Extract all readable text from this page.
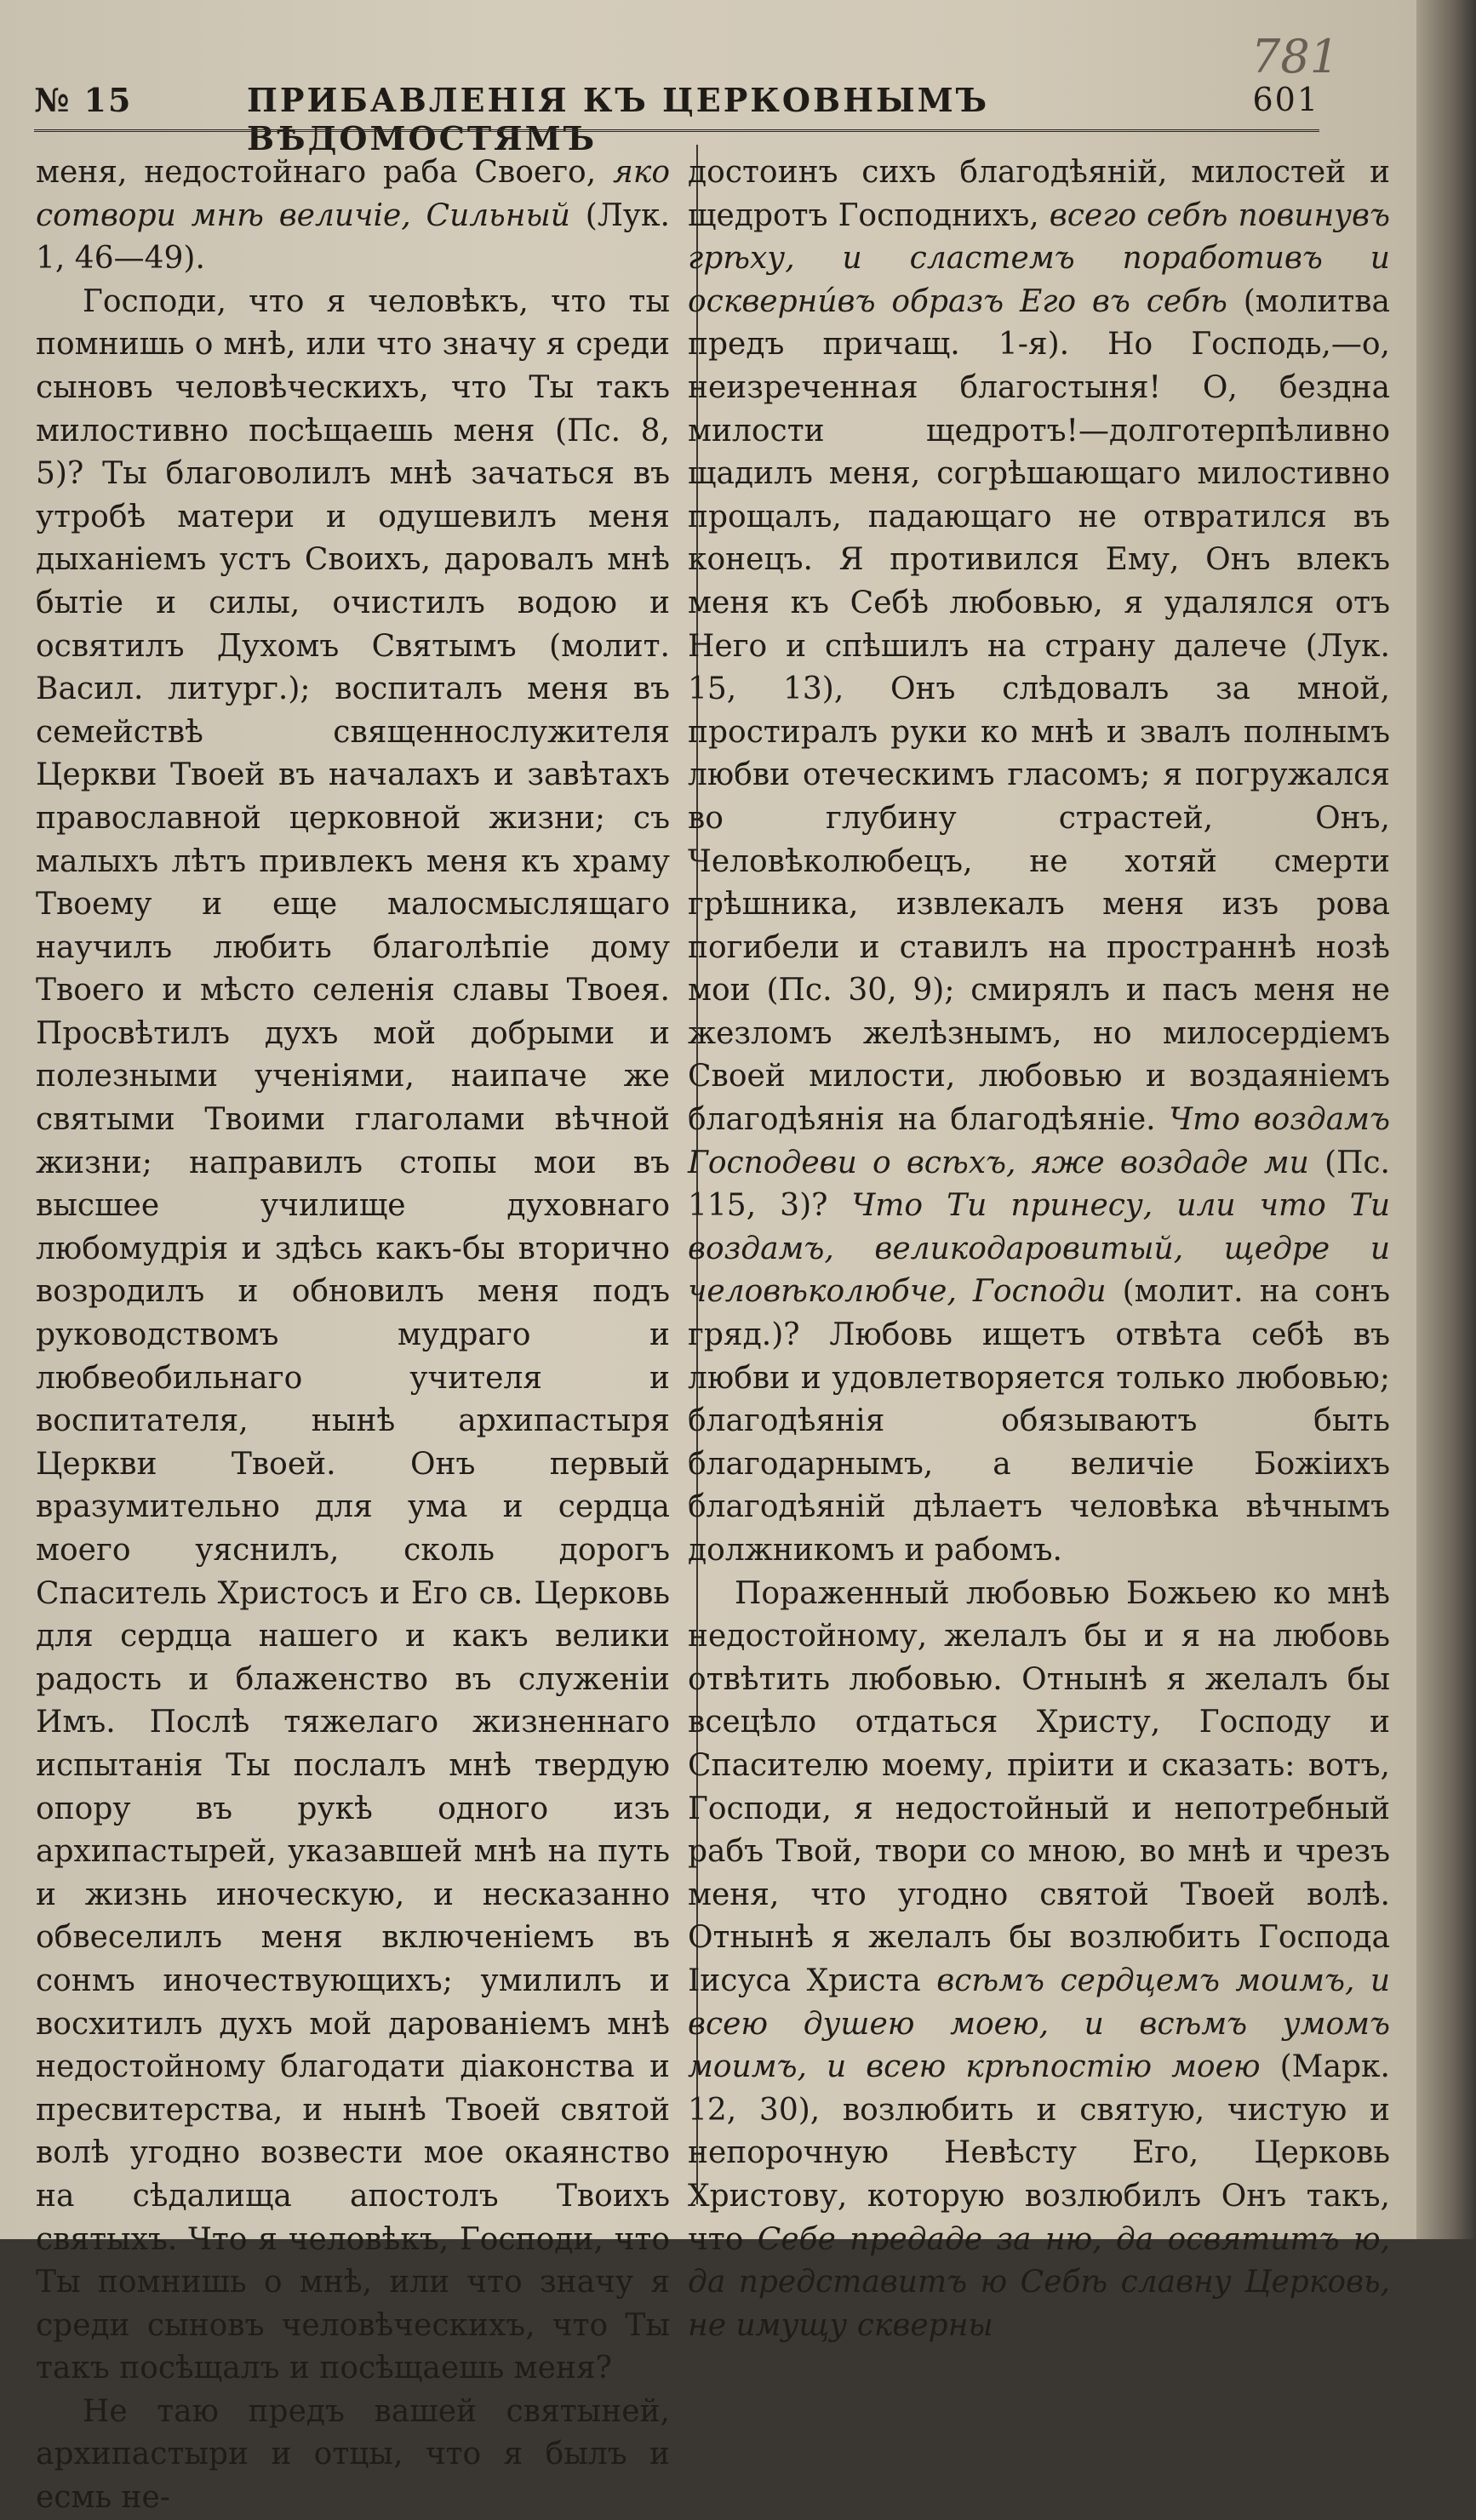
№ 15	ПРИБАВЛЕНІЯ КЪ ЦЕРКОВНЫМЪ ВѢДОМОСТЯМЪ
601
781

меня, недостойнаго раба Своего, яко сотвори мнѣ величіе, Сильный (Лук. 1, 46—49).

Господи, что я человѣкъ, что ты помнишь о мнѣ, или что значу я среди сыновъ человѣческихъ, что Ты такъ милостивно посѣщаешь меня (Пс. 8, 5)? Ты благоволилъ мнѣ зачаться въ утробѣ матери и одушевилъ меня дыханіемъ устъ Своихъ, даровалъ мнѣ бытіе и силы, очистилъ водою и освятилъ Духомъ Святымъ (молит. Васил. литург.); воспиталъ меня въ семействѣ священнослужителя Церкви Твоей въ началахъ и завѣтахъ православной церковной жизни; съ малыхъ лѣтъ привлекъ меня къ храму Твоему и еще малосмыслящаго научилъ любить благолѣпіе дому Твоего и мѣсто селенія славы Твоея. Просвѣтилъ духъ мой добрыми и полезными ученіями, наипаче же святыми Твоими глаголами вѣчной жизни; направилъ стопы мои въ высшее училище духовнаго любомудрія и здѣсь какъ-бы вторично возродилъ и обновилъ меня подъ руководствомъ мудраго и любвеобильнаго учителя и воспитателя, нынѣ архипастыря Церкви Твоей. Онъ первый вразумительно для ума и сердца моего уяснилъ, сколь дорогъ Спаситель Христосъ и Его св. Церковь для сердца нашего и какъ велики радость и блаженство въ служеніи Имъ. Послѣ тяжелаго жизненнаго испытанія Ты послалъ мнѣ твердую опору въ рукѣ одного изъ архипастырей, указавшей мнѣ на путь и жизнь иноческую, и несказанно обвеселилъ меня включеніемъ въ сонмъ иночествующихъ; умилилъ и восхитилъ духъ мой дарованіемъ мнѣ недостойному благодати діаконства и пресвитерства, и нынѣ Твоей святой волѣ угодно возвести мое окаянство на сѣдалища апостолъ Твоихъ святыхъ. Что я человѣкъ, Господи, что Ты помнишь о мнѣ, или что значу я среди сыновъ человѣческихъ, что Ты такъ посѣщалъ и посѣщаешь меня?

Не таю предъ вашей святыней, архипастыри и отцы, что я былъ и есмь не-

достоинъ сихъ благодѣяній, милостей и щедротъ Господнихъ, всего себѣ повинувъ грѣху, и сластемъ поработивъ и оскверни́въ образъ Его въ себѣ (молитва предъ причащ. 1-я). Но Господь,—о, неизреченная благостыня! О, бездна милости щедротъ!—долготерпѣливно щадилъ меня, согрѣшающаго милостивно прощалъ, падающаго не отвратился въ конецъ. Я противился Ему, Онъ влекъ меня къ Себѣ любовью, я удалялся отъ Него и спѣшилъ на страну далече (Лук. 15, 13), Онъ слѣдовалъ за мной, простиралъ руки ко мнѣ и звалъ полнымъ любви отеческимъ гласомъ; я погружался во глубину страстей, Онъ, Человѣколюбецъ, не хотяй смерти грѣшника, извлекалъ меня изъ рова погибели и ставилъ на пространнѣ нозѣ мои (Пс. 30, 9); смирялъ и пасъ меня не жезломъ желѣзнымъ, но милосердіемъ Своей милости, любовью и воздаяніемъ благодѣянія на благодѣяніе. Что воздамъ Господеви о всѣхъ, яже воздаде ми (Пс. 115, 3)? Что Ти принесу, или что Ти воздамъ, великодаровитый, щедре и человѣколюбче, Господи (молит. на сонъ гряд.)? Любовь ищетъ отвѣта себѣ въ любви и удовлетворяется только любовью; благодѣянія обязываютъ быть благодарнымъ, а величіе Божіихъ благодѣяній дѣлаетъ человѣка вѣчнымъ должникомъ и рабомъ.

Пораженный любовью Божьею ко мнѣ недостойному, желалъ бы и я на любовь отвѣтить любовью. Отнынѣ я желалъ бы всецѣло отдаться Христу, Господу и Спасителю моему, пріити и сказать: вотъ, Господи, я недостойный и непотребный рабъ Твой, твори со мною, во мнѣ и чрезъ меня, что угодно святой Твоей волѣ. Отнынѣ я желалъ бы возлюбить Господа Іисуса Христа всѣмъ сердцемъ моимъ, и всею душею моею, и всѣмъ умомъ моимъ, и всею крѣпостію моею (Марк. 12, 30), возлюбить и святую, чистую и непорочную Невѣсту Его, Церковь Христову, которую возлюбилъ Онъ такъ, что Себе предаде за ню, да освятитъ ю, да представитъ ю Себѣ славну Церковь, не имущу скверны
